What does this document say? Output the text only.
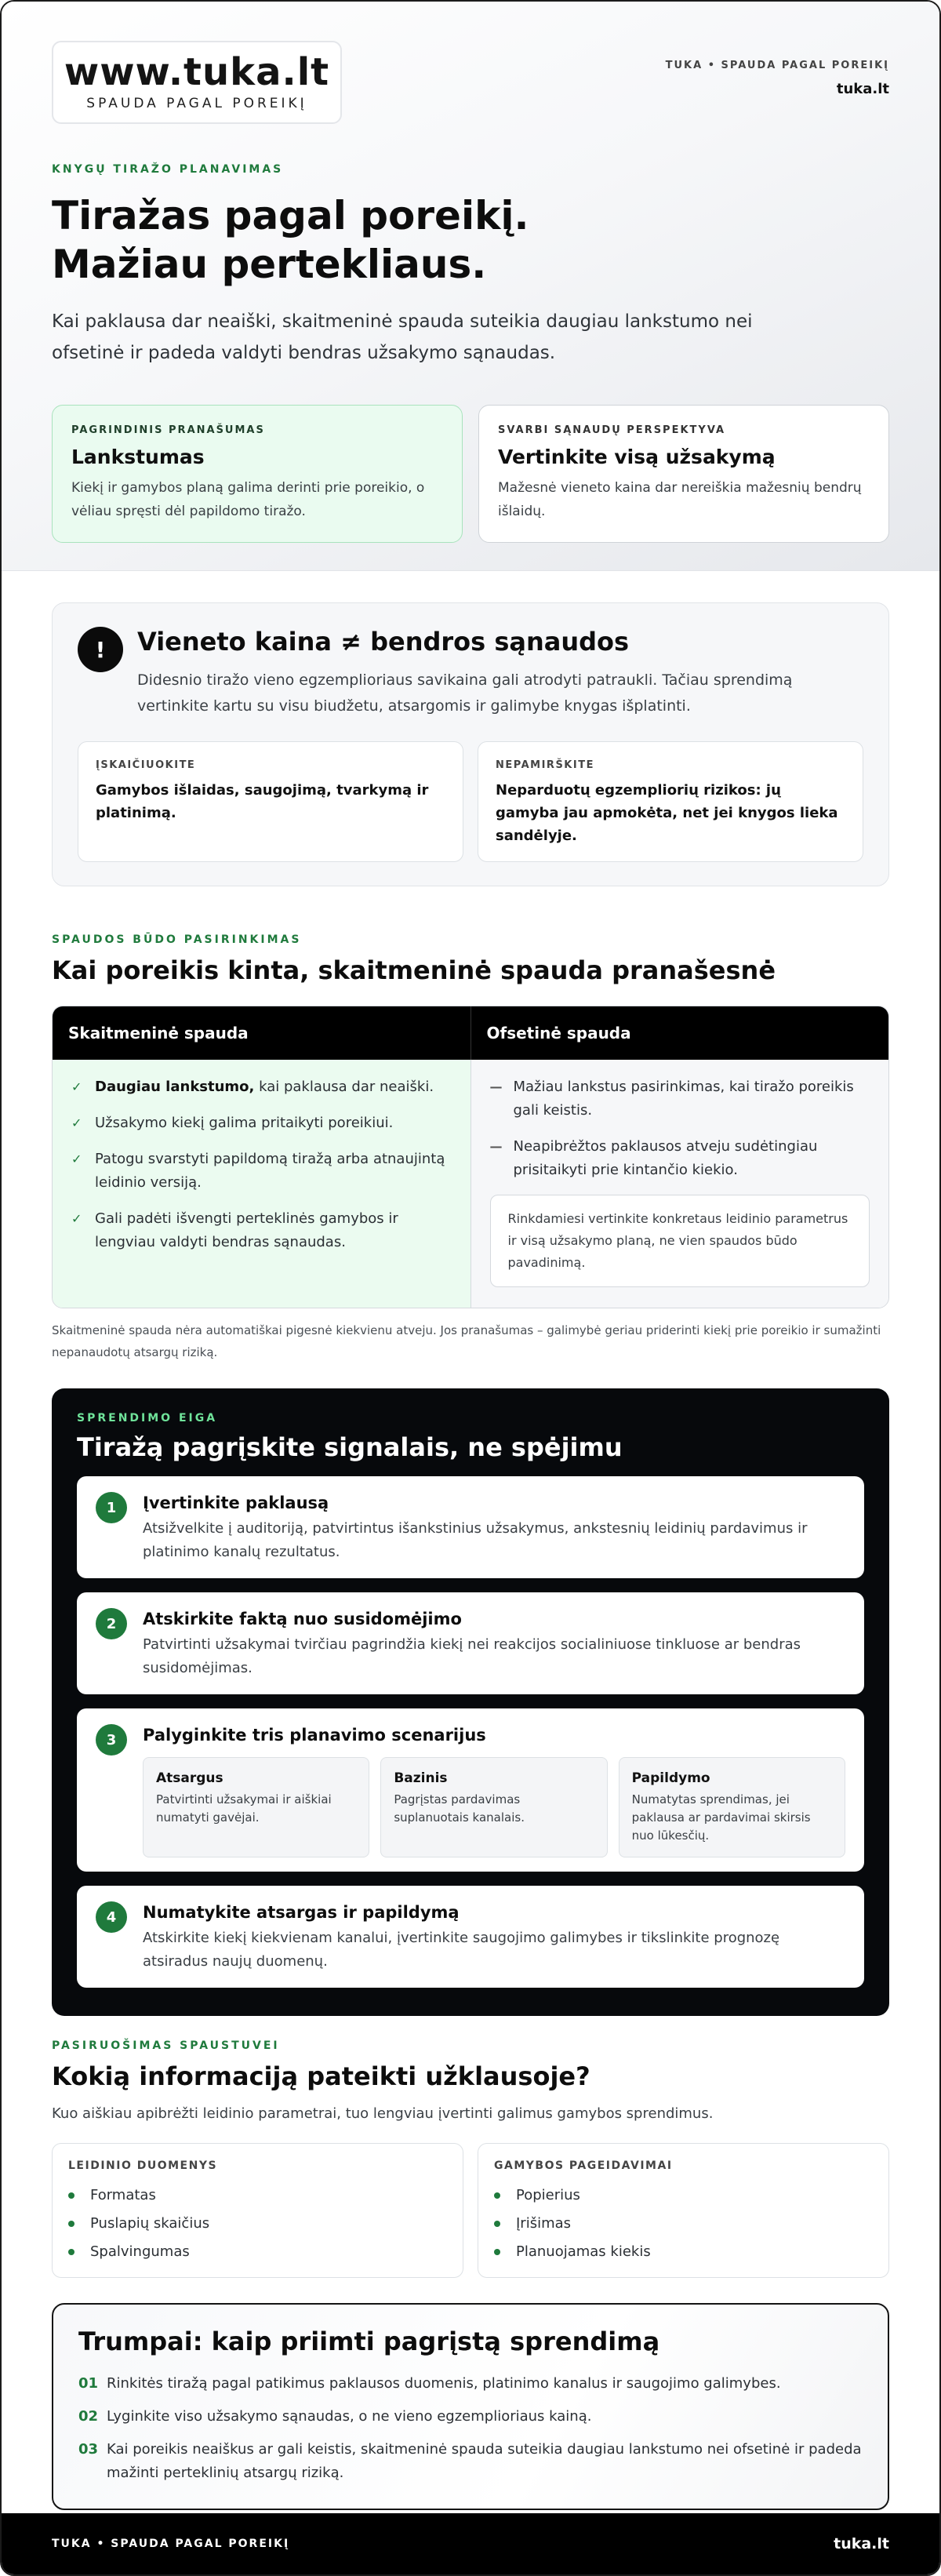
www.tuka.lt
SPAUDA PAGAL POREIKĮ
TUKA • SPAUDA PAGAL POREIKĮ
tuka.lt
KNYGŲ TIRAŽO PLANAVIMAS
Tiražas pagal poreikį.
Mažiau pertekliaus.

Kai paklausa dar neaiški, skaitmeninė spauda suteikia daugiau lankstumo nei ofsetinė ir padeda valdyti bendras užsakymo sąnaudas.

PAGRINDINIS PRANAŠUMAS
Lankstumas
Kiekį ir gamybos planą galima derinti prie poreikio, o vėliau spręsti dėl papildomo tiražo.
SVARBI SĄNAUDŲ PERSPEKTYVA
Vertinkite visą užsakymą
Mažesnė vieneto kaina dar nereiškia mažesnių bendrų išlaidų.
!	Vieneto kaina ≠ bendros sąnaudos
Didesnio tiražo vieno egzemplioriaus savikaina gali atrodyti patraukli. Tačiau sprendimą vertinkite kartu su visu biudžetu, atsargomis ir galimybe knygas išplatinti.
ĮSKAIČIUOKITE
Gamybos išlaidas, saugojimą, tvarkymą ir platinimą.
NEPAMIRŠKITE
Neparduotų egzempliorių rizikos: jų gamyba jau apmokėta, net jei knygos lieka sandėlyje.
SPAUDOS BŪDO PASIRINKIMAS
Kai poreikis kinta, skaitmeninė spauda pranašesnė
Skaitmeninė spauda	Ofsetinė spauda
✓ Daugiau lankstumo, kai paklausa dar neaiški.
✓ Užsakymo kiekį galima pritaikyti poreikiui.
✓ Patogu svarstyti papildomą tiražą arba atnaujintą leidinio versiją.
✓ Gali padėti išvengti perteklinės gamybos ir lengviau valdyti bendras sąnaudas.
— Mažiau lankstus pasirinkimas, kai tiražo poreikis gali keistis.
— Neapibrėžtos paklausos atveju sudėtingiau prisitaikyti prie kintančio kiekio.
Rinkdamiesi vertinkite konkretaus leidinio parametrus ir visą užsakymo planą, ne vien spaudos būdo pavadinimą.

Skaitmeninė spauda nėra automatiškai pigesnė kiekvienu atveju. Jos pranašumas – galimybė geriau priderinti kiekį prie poreikio ir sumažinti nepanaudotų atsargų riziką.

SPRENDIMO EIGA
Tiražą pagrįskite signalais, ne spėjimu
1	Įvertinkite paklausą
Atsižvelkite į auditoriją, patvirtintus išankstinius užsakymus, ankstesnių leidinių pardavimus ir platinimo kanalų rezultatus.
2	Atskirkite faktą nuo susidomėjimo
Patvirtinti užsakymai tvirčiau pagrindžia kiekį nei reakcijos socialiniuose tinkluose ar bendras susidomėjimas.
3	Palyginkite tris planavimo scenarijus
Atsargus
Patvirtinti užsakymai ir aiškiai numatyti gavėjai.
Bazinis
Pagrįstas pardavimas suplanuotais kanalais.
Papildymo
Numatytas sprendimas, jei paklausa ar pardavimai skirsis nuo lūkesčių.
4	Numatykite atsargas ir papildymą
Atskirkite kiekį kiekvienam kanalui, įvertinkite saugojimo galimybes ir tikslinkite prognozę atsiradus naujų duomenų.
PASIRUOŠIMAS SPAUSTUVEI
Kokią informaciją pateikti užklausoje?

Kuo aiškiau apibrėžti leidinio parametrai, tuo lengviau įvertinti galimus gamybos sprendimus.

LEIDINIO DUOMENYS
Formatas
Puslapių skaičius
Spalvingumas
GAMYBOS PAGEIDAVIMAI
Popierius
Įrišimas
Planuojamas kiekis
Trumpai: kaip priimti pagrįstą sprendimą
01 Rinkitės tiražą pagal patikimus paklausos duomenis, platinimo kanalus ir saugojimo galimybes.
02 Lyginkite viso užsakymo sąnaudas, o ne vieno egzemplioriaus kainą.
03 Kai poreikis neaiškus ar gali keistis, skaitmeninė spauda suteikia daugiau lankstumo nei ofsetinė ir padeda mažinti perteklinių atsargų riziką.
TUKA • SPAUDA PAGAL POREIKĮ	tuka.lt
